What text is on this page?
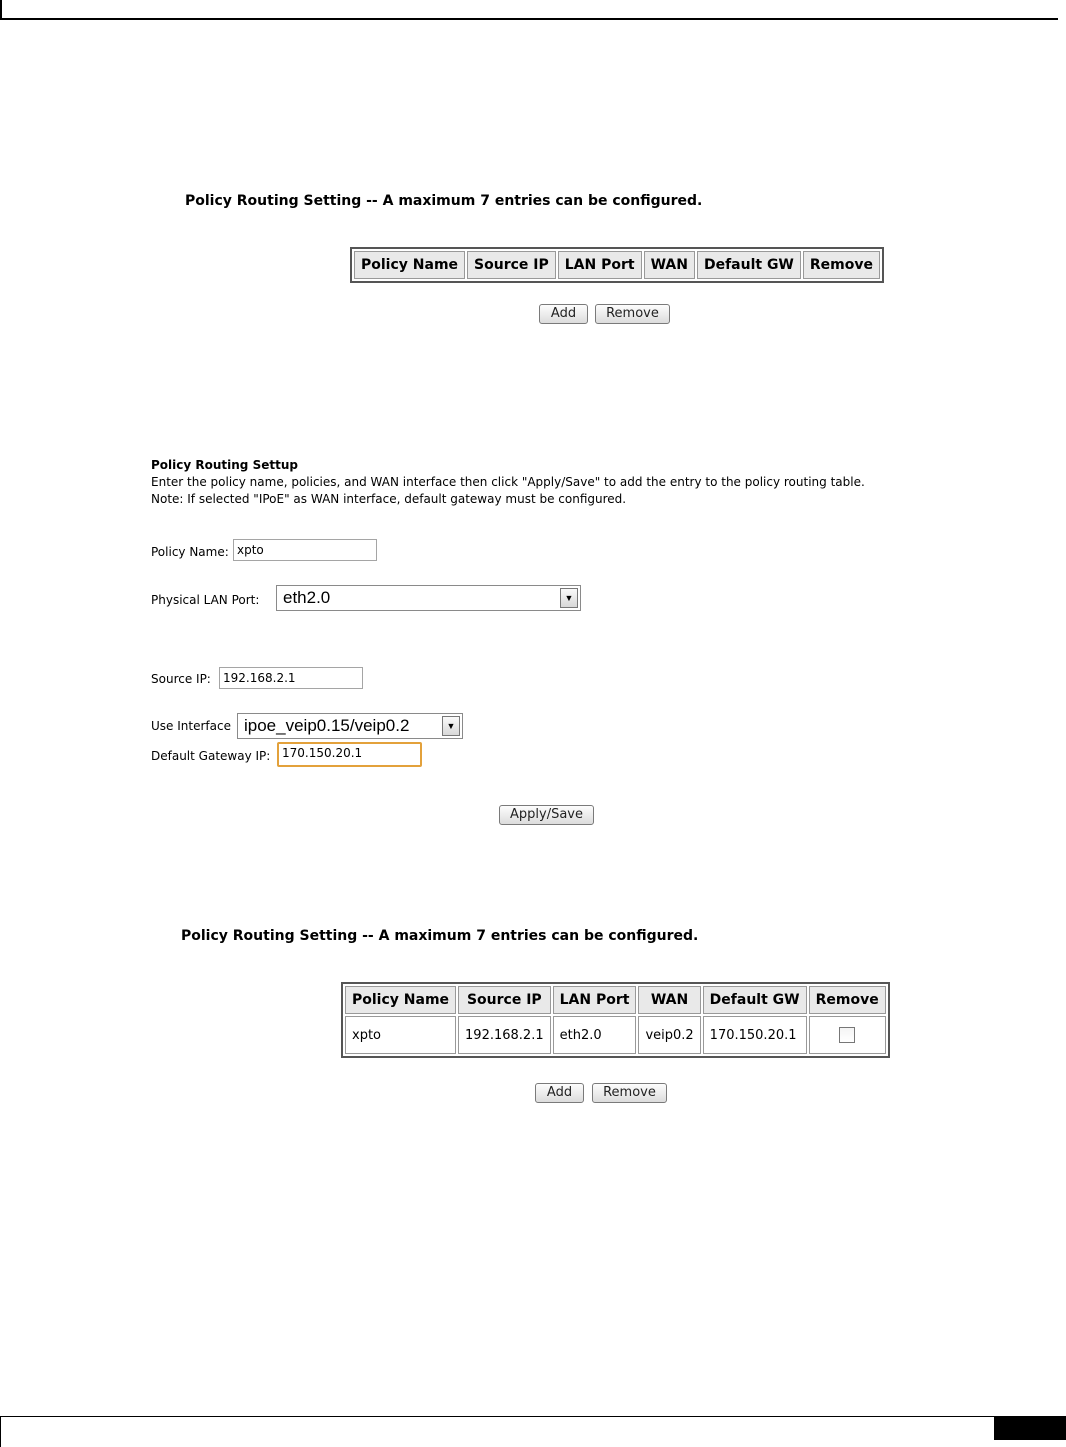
Policy Routing Setting -- A maximum 7 entries can be configured.
Policy Name	Source IP	LAN Port	WAN	Default GW	Remove
Add	Remove
Policy Routing Settup
Enter the policy name, policies, and WAN interface then click "Apply/Save" to add the entry to the policy routing table.
Note: If selected "IPoE" as WAN interface, default gateway must be configured.
Policy Name: xpto
Physical LAN Port: eth2.0	▼
Source IP:	192.168.2.1
Use Interface ipoe_veip0.15/veip0.2	▼
Default Gateway IP: 170.150.20.1
Apply/Save
Policy Routing Setting -- A maximum 7 entries can be configured.
Policy Name	Source IP	LAN Port	WAN	Default GW	Remove
xpto	192.168.2.1	eth2.0	veip0.2	170.150.20.1	
Add	Remove
